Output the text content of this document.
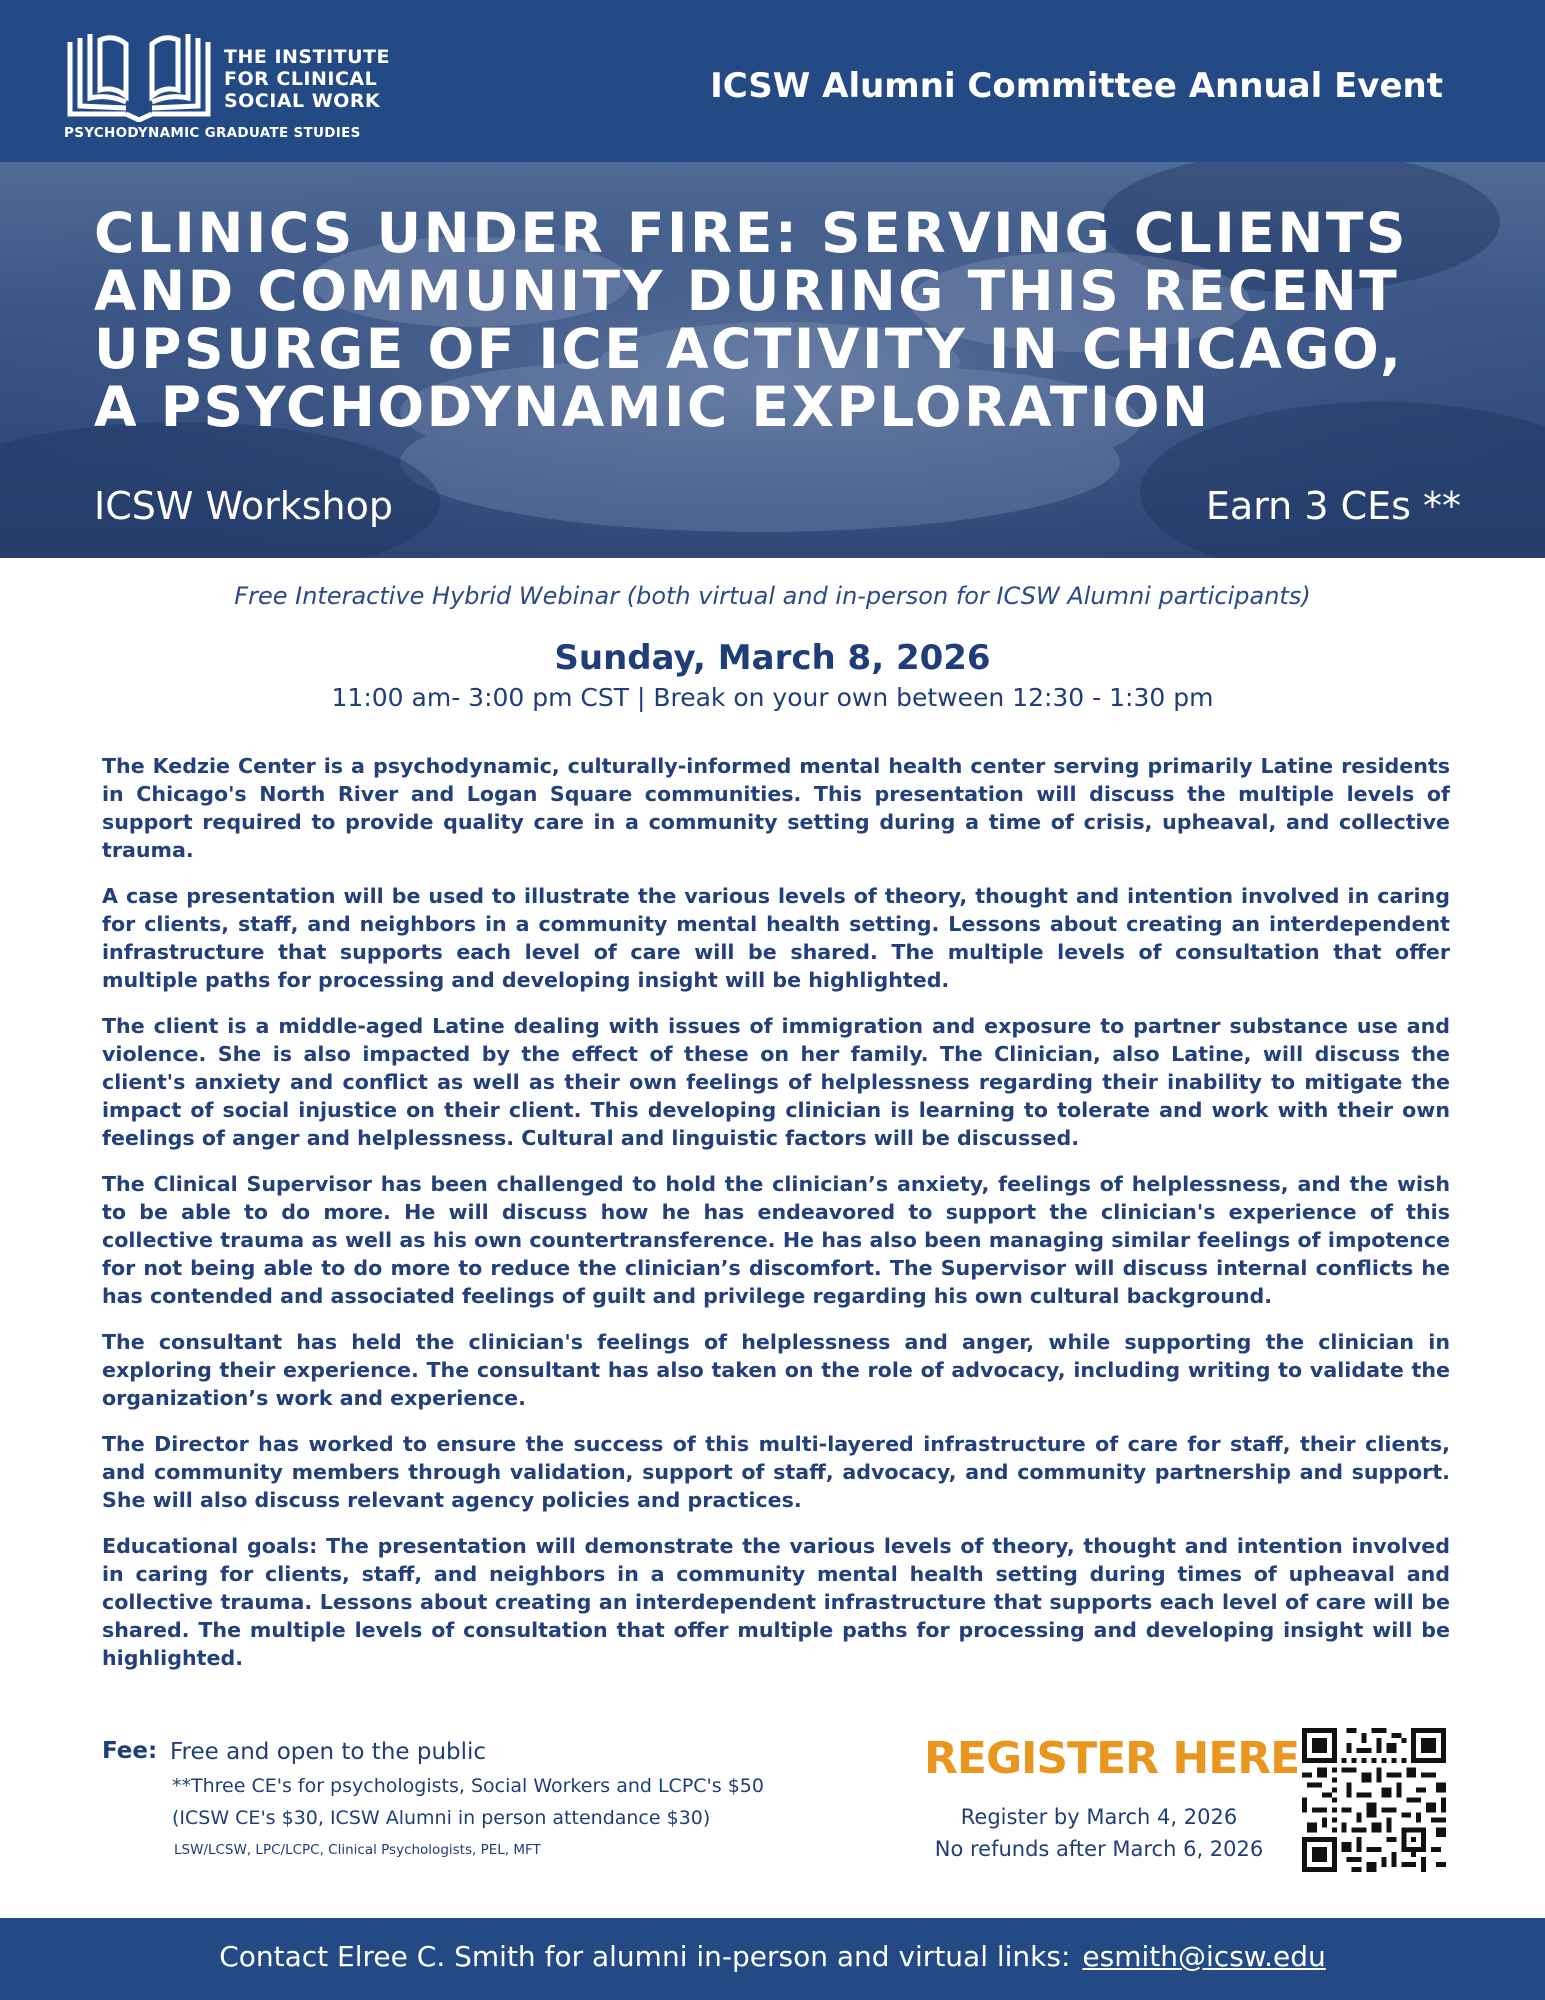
THE INSTITUTE
FOR CLINICAL
SOCIAL WORK
PSYCHODYNAMIC GRADUATE STUDIES
ICSW Alumni Committee Annual Event
CLINICS UNDER FIRE: SERVING CLIENTS
AND COMMUNITY DURING THIS RECENT
UPSURGE OF ICE ACTIVITY IN CHICAGO,
A PSYCHODYNAMIC EXPLORATION
ICSW Workshop	Earn 3 CEs **
Free Interactive Hybrid Webinar (both virtual and in-person for ICSW Alumni participants)
Sunday, March 8, 2026
11:00 am- 3:00 pm CST | Break on your own between 12:30 - 1:30 pm

The Kedzie Center is a psychodynamic, culturally-informed mental health center serving primarily Latine residents in Chicago's North River and Logan Square communities. This presentation will discuss the multiple levels of support required to provide quality care in a community setting during a time of crisis, upheaval, and collective trauma.

A case presentation will be used to illustrate the various levels of theory, thought and intention involved in caring for clients, staff, and neighbors in a community mental health setting. Lessons about creating an interdependent infrastructure that supports each level of care will be shared. The multiple levels of consultation that offer multiple paths for processing and developing insight will be highlighted.

The client is a middle-aged Latine dealing with issues of immigration and exposure to partner substance use and violence. She is also impacted by the effect of these on her family. The Clinician, also Latine, will discuss the client's anxiety and conflict as well as their own feelings of helplessness regarding their inability to mitigate the impact of social injustice on their client. This developing clinician is learning to tolerate and work with their own feelings of anger and helplessness. Cultural and linguistic factors will be discussed.

The Clinical Supervisor has been challenged to hold the clinician’s anxiety, feelings of helplessness, and the wish to be able to do more. He will discuss how he has endeavored to support the clinician's experience of this collective trauma as well as his own countertransference. He has also been managing similar feelings of impotence for not being able to do more to reduce the clinician’s discomfort. The Supervisor will discuss internal conflicts he has contended and associated feelings of guilt and privilege regarding his own cultural background.

The consultant has held the clinician's feelings of helplessness and anger, while supporting the clinician in exploring their experience. The consultant has also taken on the role of advocacy, including writing to validate the organization’s work and experience.

The Director has worked to ensure the success of this multi-layered infrastructure of care for staff, their clients, and community members through validation, support of staff, advocacy, and community partnership and support. She will also discuss relevant agency policies and practices.

Educational goals: The presentation will demonstrate the various levels of theory, thought and intention involved in caring for clients, staff, and neighbors in a community mental health setting during times of upheaval and collective trauma. Lessons about creating an interdependent infrastructure that supports each level of care will be shared. The multiple levels of consultation that offer multiple paths for processing and developing insight will be highlighted.

Fee: Free and open to the public
**Three CE's for psychologists, Social Workers and LCPC's $50
(ICSW CE's $30, ICSW Alumni in person attendance $30)
LSW/LCSW, LPC/LCPC, Clinical Psychologists, PEL, MFT
REGISTER HERE
Register by March 4, 2026
No refunds after March 6, 2026
Contact Elree C. Smith for alumni in-person and virtual links: esmith@icsw.edu
